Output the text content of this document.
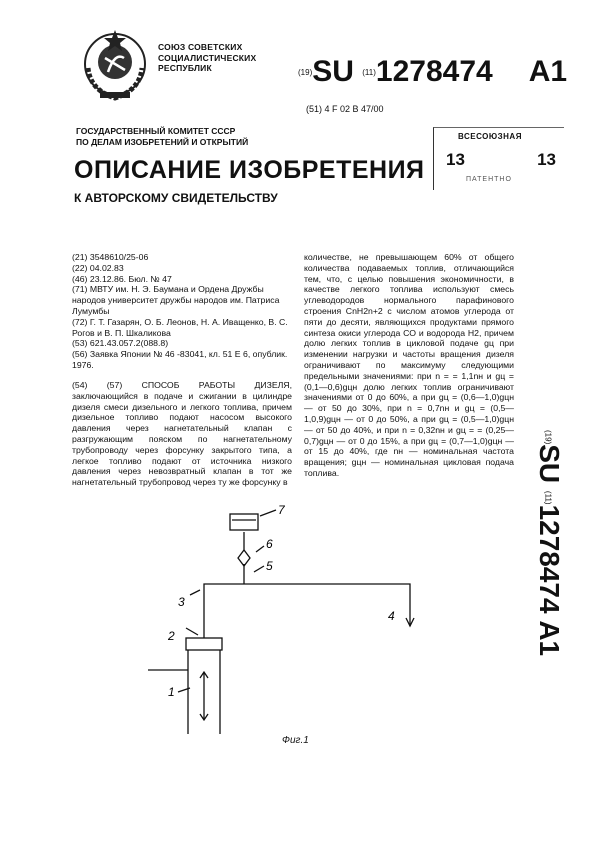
СОЮЗ СОВЕТСКИХ
СОЦИАЛИСТИЧЕСКИХ
РЕСПУБЛИК	(19)SU (11)1278474 A1
(51) 4 F 02 B 47/00
ГОСУДАРСТВЕННЫЙ КОМИТЕТ СССР
ПО ДЕЛАМ ИЗОБРЕТЕНИЙ И ОТКРЫТИЙ	ВСЕСОЮЗНАЯ
13	13
ПАТЕНТНО
ОПИСАНИЕ ИЗОБРЕТЕНИЯ
К АВТОРСКОМУ СВИДЕТЕЛЬСТВУ

(21) 3548610/25-06

(22) 04.02.83

(46) 23.12.86. Бюл. № 47

(71) МВТУ им. Н. Э. Баумана и Ордена Дружбы народов университет дружбы народов им. Патриса Лумумбы

(72) Г. Т. Газарян, О. Б. Леонов, Н. А. Иващенко, В. С. Рогов и В. П. Шкаликова

(53) 621.43.057.2(088.8)

(56) Заявка Японии № 46 -83041, кл. 51 Е 6, опублик. 1976.

(54) (57) СПОСОБ РАБОТЫ ДИЗЕЛЯ, заключающийся в подаче и сжигании в цилиндре дизеля смеси дизельного и легкого топлива, причем дизельное топливо подают насосом высокого давления через нагнетательный клапан с разгружающим пояском по нагнетательному трубопроводу через форсунку закрытого типа, а легкое топливо подают от источника низкого давления через невозвратный клапан в тот же нагнетательный трубопровод через ту же форсунку в
количестве, не превышающем 60% от общего количества подаваемых топлив, отличающийся тем, что, с целью повышения экономичности, в качестве легкого топлива используют смесь углеводородов нормального парафинового строения CnH2n+2 с числом атомов углерода от пяти до десяти, являющихся продуктами прямого синтеза окиси углерода СО и водорода H2, причем долю легких топлив в цикловой подаче gц при изменении нагрузки и частоты вращения дизеля ограничивают по максимуму следующими предельными значениями: при n = = 1,1nн и gц = (0,1—0,6)gцн долю легких топлив ограничивают значениями от 0 до 60%, а при gц = (0,6—1,0)gцн — от 50 до 30%, при n = 0,7nн и gц = (0,5—1,0,9)gцн — от 0 до 50%, а при gц = (0,5—1,0)gцн — от 50 до 40%, и при n = 0,32nн и gц = = (0,25—0,7)gцн — от 0 до 15%, а при gц = (0,7—1,0)gцн — от 15 до 40%, где nн — номинальная частота вращения; gцн — номинальная цикловая подача топлива.
(19)SU (11)1278474 A1
1
2
3
4
5
6
7
Фиг.1
